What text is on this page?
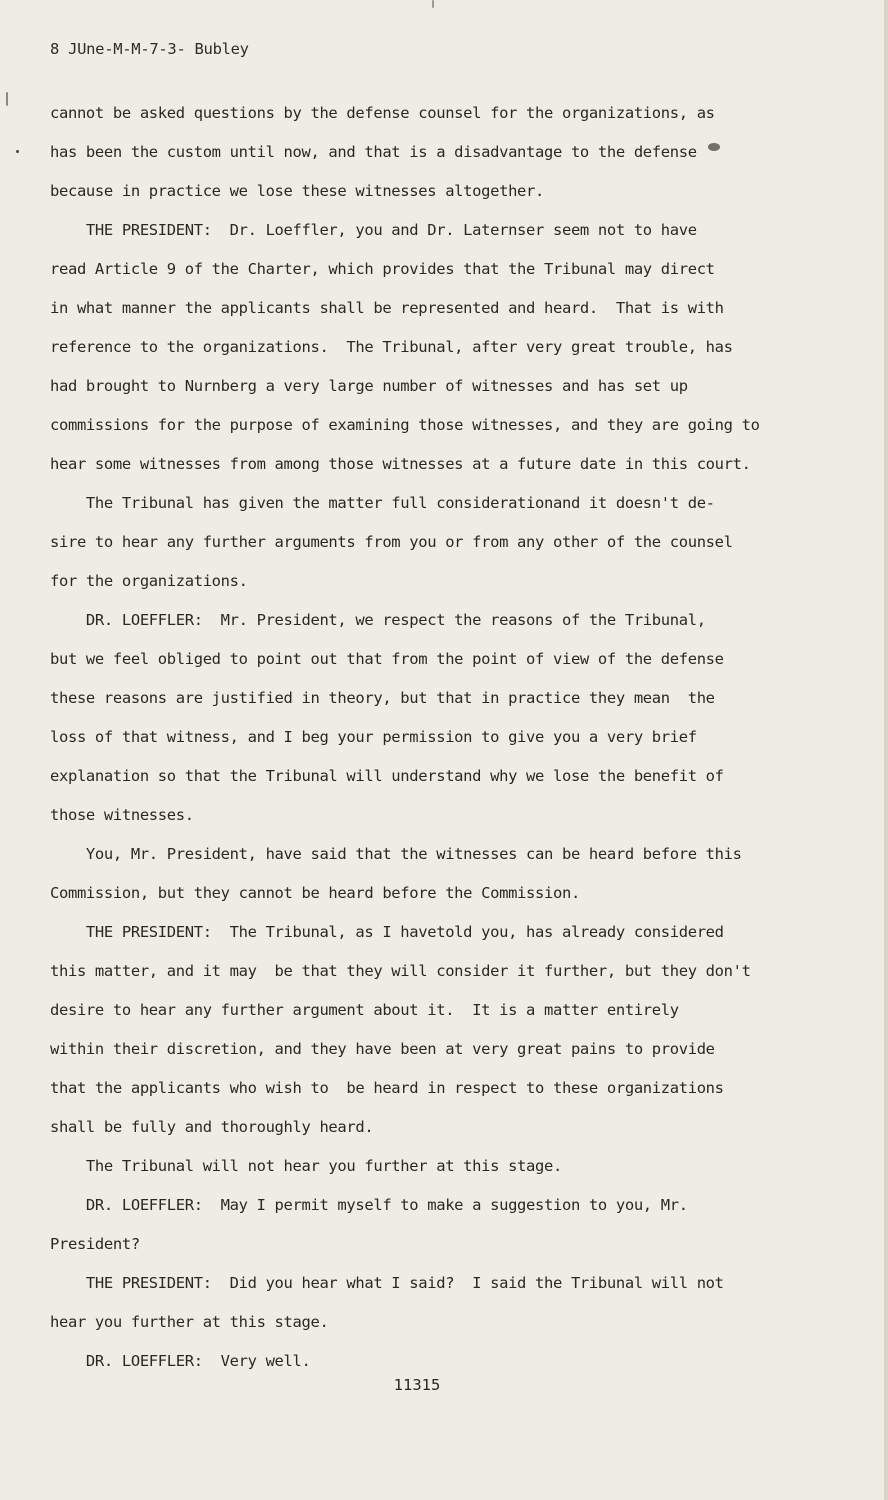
8 JUne-M-M-7-3- Bubley
cannot be asked questions by the defense counsel for the organizations, as
has been the custom until now, and that is a disadvantage to the defense
because in practice we lose these witnesses altogether.
THE PRESIDENT:  Dr. Loeffler, you and Dr. Laternser seem not to have
read Article 9 of the Charter, which provides that the Tribunal may direct
in what manner the applicants shall be represented and heard.  That is with
reference to the organizations.  The Tribunal, after very great trouble, has
had brought to Nurnberg a very large number of witnesses and has set up
commissions for the purpose of examining those witnesses, and they are going to
hear some witnesses from among those witnesses at a future date in this court.
The Tribunal has given the matter full considerationand it doesn't de-
sire to hear any further arguments from you or from any other of the counsel
for the organizations.
DR. LOEFFLER:  Mr. President, we respect the reasons of the Tribunal,
but we feel obliged to point out that from the point of view of the defense
these reasons are justified in theory, but that in practice they mean  the
loss of that witness, and I beg your permission to give you a very brief
explanation so that the Tribunal will understand why we lose the benefit of
those witnesses.
You, Mr. President, have said that the witnesses can be heard before this
Commission, but they cannot be heard before the Commission.
THE PRESIDENT:  The Tribunal, as I havetold you, has already considered
this matter, and it may  be that they will consider it further, but they don't
desire to hear any further argument about it.  It is a matter entirely
within their discretion, and they have been at very great pains to provide
that the applicants who wish to  be heard in respect to these organizations
shall be fully and thoroughly heard.
The Tribunal will not hear you further at this stage.
DR. LOEFFLER:  May I permit myself to make a suggestion to you, Mr.
President?
THE PRESIDENT:  Did you hear what I said?  I said the Tribunal will not
hear you further at this stage.
DR. LOEFFLER:  Very well.
11315
